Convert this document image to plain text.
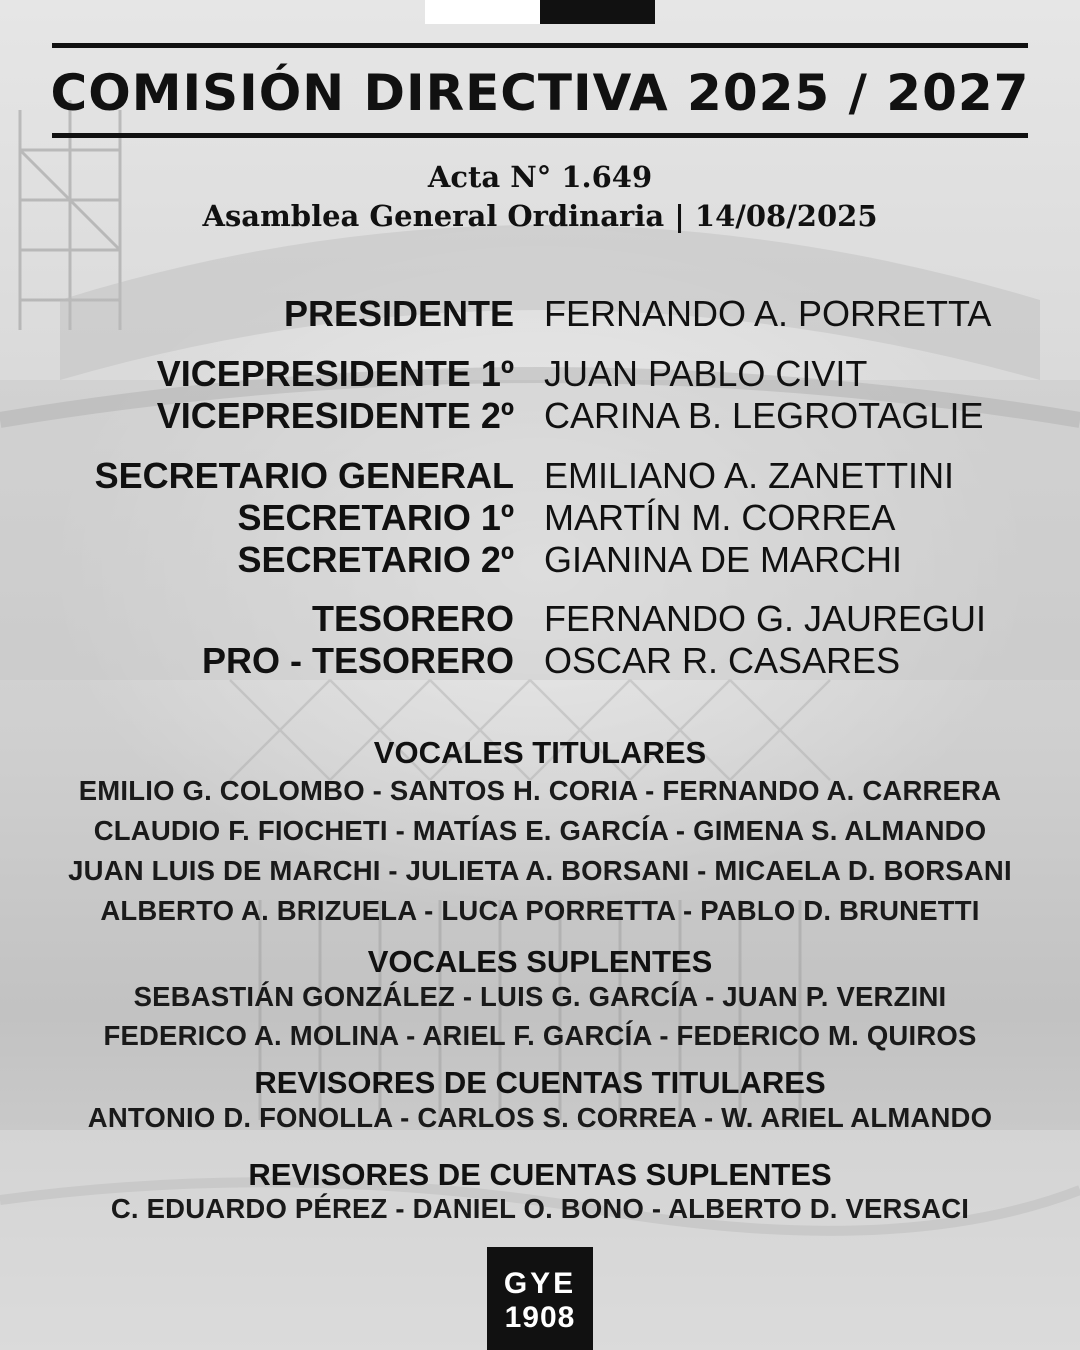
COMISIÓN DIRECTIVA 2025 / 2027
Acta N° 1.649
Asamblea General Ordinaria | 14/08/2025
PRESIDENTE FERNANDO A. PORRETTA
VICEPRESIDENTE 1º JUAN PABLO CIVIT
VICEPRESIDENTE 2º CARINA B. LEGROTAGLIE
SECRETARIO GENERAL EMILIANO A. ZANETTINI
SECRETARIO 1º MARTÍN M. CORREA
SECRETARIO 2º GIANINA DE MARCHI
TESORERO FERNANDO G. JAUREGUI
PRO - TESORERO OSCAR R. CASARES
VOCALES TITULARES
EMILIO G. COLOMBO - SANTOS H. CORIA - FERNANDO A. CARRERA
CLAUDIO F. FIOCHETI - MATÍAS E. GARCÍA - GIMENA S. ALMANDO
JUAN LUIS DE MARCHI - JULIETA A. BORSANI - MICAELA D. BORSANI
ALBERTO A. BRIZUELA - LUCA PORRETTA - PABLO D. BRUNETTI
VOCALES SUPLENTES
SEBASTIÁN GONZÁLEZ - LUIS G. GARCÍA - JUAN P. VERZINI
FEDERICO A. MOLINA - ARIEL F. GARCÍA - FEDERICO M. QUIROS
REVISORES DE CUENTAS TITULARES
ANTONIO D. FONOLLA - CARLOS S. CORREA - W. ARIEL ALMANDO
REVISORES DE CUENTAS SUPLENTES
C. EDUARDO PÉREZ - DANIEL O. BONO - ALBERTO D. VERSACI
GYE
1908
